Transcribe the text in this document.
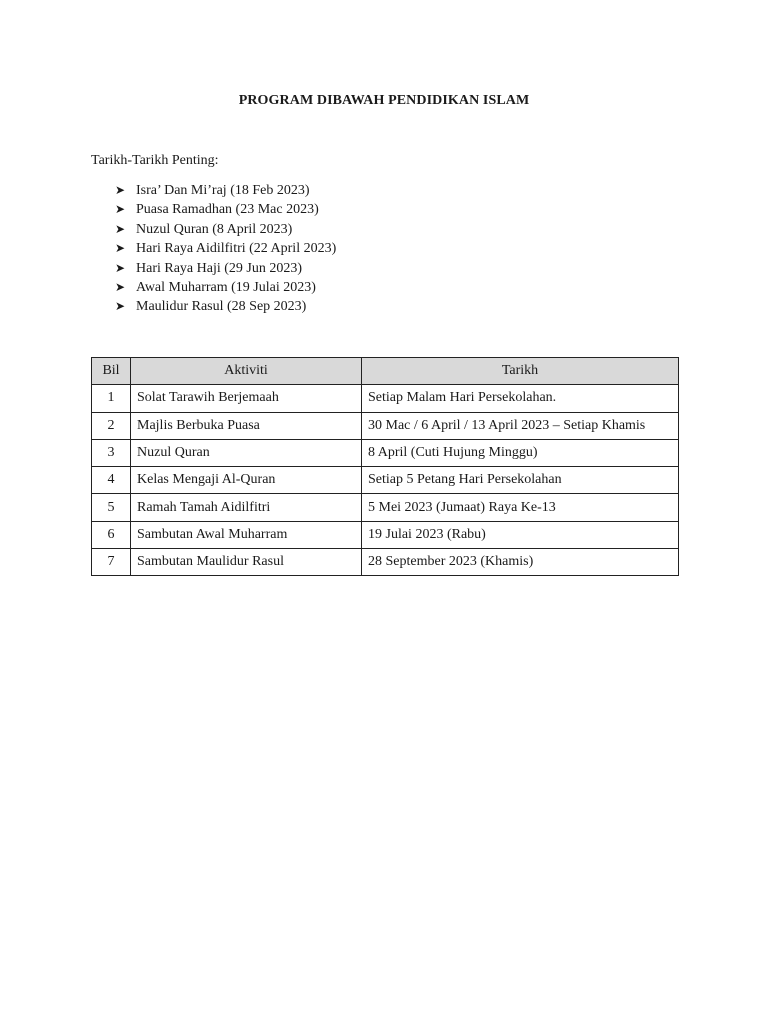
PROGRAM DIBAWAH PENDIDIKAN ISLAM
Tarikh-Tarikh Penting:
➤ Isra’ Dan Mi’raj (18 Feb 2023)
➤ Puasa Ramadhan (23 Mac 2023)
➤ Nuzul Quran (8 April 2023)
➤ Hari Raya Aidilfitri (22 April 2023)
➤ Hari Raya Haji (29 Jun 2023)
➤ Awal Muharram (19 Julai 2023)
➤ Maulidur Rasul (28 Sep 2023)
Bil	Aktiviti	Tarikh
1	Solat Tarawih Berjemaah	Setiap Malam Hari Persekolahan.
2	Majlis Berbuka Puasa	30 Mac / 6 April / 13 April 2023 – Setiap Khamis
3	Nuzul Quran	8 April (Cuti Hujung Minggu)
4	Kelas Mengaji Al-Quran	Setiap 5 Petang Hari Persekolahan
5	Ramah Tamah Aidilfitri	5 Mei 2023 (Jumaat) Raya Ke-13
6	Sambutan Awal Muharram	19 Julai 2023 (Rabu)
7	Sambutan Maulidur Rasul	28 September 2023 (Khamis)
